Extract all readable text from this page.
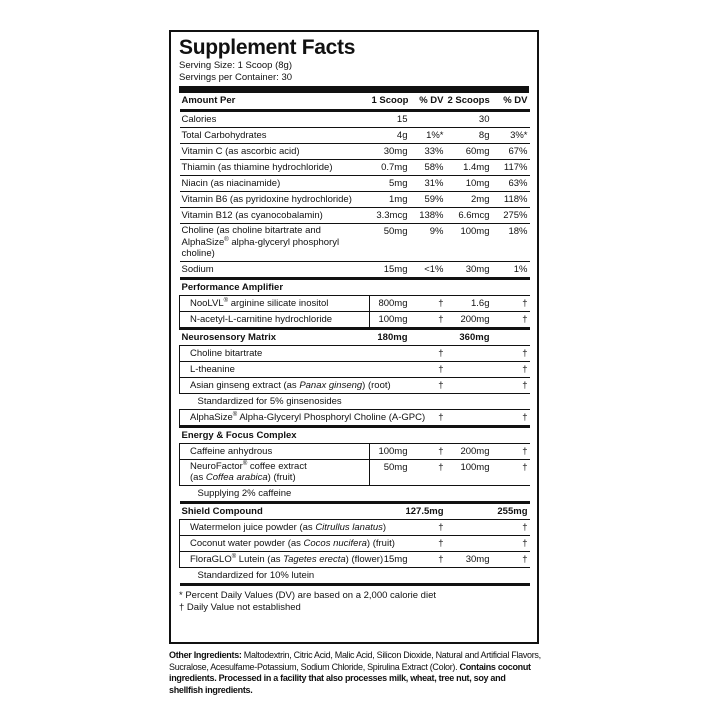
Supplement Facts
Serving Size: 1 Scoop (8g)
Servings per Container: 30
Amount Per	1 Scoop	% DV	2 Scoops	% DV
Calories	15		30	
Total Carbohydrates	4g	1%*	8g	3%*
Vitamin C (as ascorbic acid)	30mg	33%	60mg	67%
Thiamin (as thiamine hydrochloride)	0.7mg	58%	1.4mg	117%
Niacin (as niacinamide)	5mg	31%	10mg	63%
Vitamin B6 (as pyridoxine hydrochloride)	1mg	59%	2mg	118%
Vitamin B12 (as cyanocobalamin)	3.3mcg	138%	6.6mcg	275%
Choline (as choline bitartrate and AlphaSize® alpha-glyceryl phosphoryl choline)	50mg	9%	100mg	18%
Sodium	15mg	<1%	30mg	1%
Performance Amplifier				
NooLVL® arginine silicate inositol	800mg	†	1.6g	†
N-acetyl-L-carnitine hydrochloride	100mg	†	200mg	†
Neurosensory Matrix	180mg		360mg	
Choline bitartrate		†		†
L-theanine		†		†
Asian ginseng extract (as Panax ginseng) (root)		†		†
Standardized for 5% ginsenosides				
AlphaSize® Alpha-Glyceryl Phosphoryl Choline (A-GPC)		†		†
Energy & Focus Complex				
Caffeine anhydrous	100mg	†	200mg	†
NeuroFactor® coffee extract
(as Coffea arabica) (fruit)	50mg	†	100mg	†
Supplying 2% caffeine				
Shield Compound	127.5mg		255mg	
Watermelon juice powder (as Citrullus lanatus)		†		†
Coconut water powder (as Cocos nucifera) (fruit)		†		†
FloraGLO® Lutein (as Tagetes erecta) (flower)	15mg	†	30mg	†
Standardized for 10% lutein				
* Percent Daily Values (DV) are based on a 2,000 calorie diet
† Daily Value not established
Other Ingredients: Maltodextrin, Citric Acid, Malic Acid, Silicon Dioxide, Natural and Artificial Flavors, Sucralose, Acesulfame-Potassium, Sodium Chloride, Spirulina Extract (Color). Contains coconut ingredients. Processed in a facility that also processes milk, wheat, tree nut, soy and shellfish ingredients.
